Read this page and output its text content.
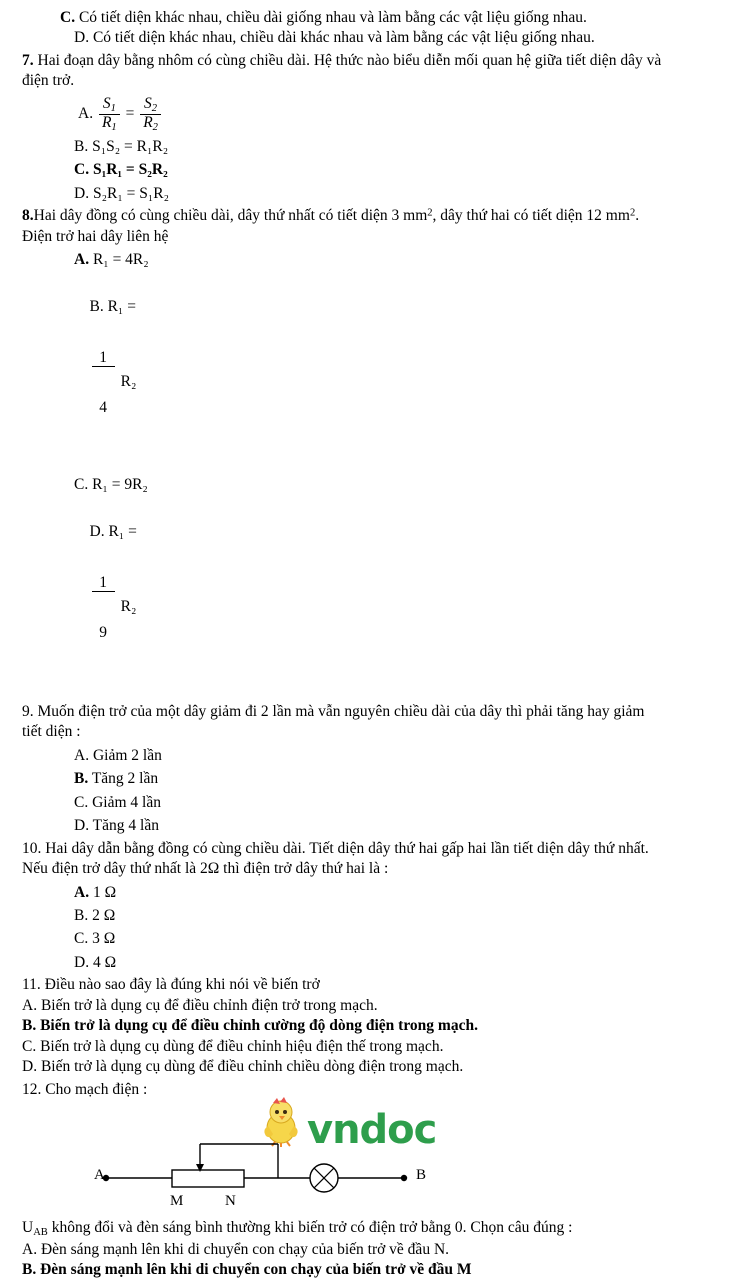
C. Có tiết diện khác nhau, chiều dài giống nhau và làm bằng các vật liệu giống nhau.
D. Có tiết diện khác nhau, chiều dài khác nhau và làm bằng các vật liệu giống nhau.
7. Hai đoạn dây bằng nhôm có cùng chiều dài. Hệ thức nào biểu diễn mối quan hệ giữa tiết diện dây và
điện trở.
A. $\frac{S_1}{R_1} = \frac{S_2}{R_2}$
B. S₁S₂ = R₁R₂
C. S₁R₁ = S₂R₂
D. S₂R₁ = S₁R₂
8.Hai dây đồng có cùng chiều dài, dây thứ nhất có tiết diện 3 $mm^2$, dây thứ hai có tiết diện 12 $mm^2$.
Điện trở hai dây liên hệ
A. R₁ = 4R₂

B. R₁ =

$\frac{1}{4} R_2$

C. R₁ = 9R₂

D. R₁ =

$\frac{1}{9} R_2$

9. Muốn điện trở của một dây giảm đi 2 lần mà vẫn nguyên chiều dài của dây thì phải tăng hay giảm
tiết diện :
A. Giảm 2 lần
B. Tăng 2 lần
C. Giảm 4 lần
D. Tăng 4 lần
10. Hai dây dẫn bằng đồng có cùng chiều dài. Tiết diện dây thứ hai gấp hai lần tiết diện dây thứ nhất.
Nếu điện trở dây thứ nhất là 2Ω thì điện trở dây thứ hai là :
A. 1 Ω
B. 2 Ω
C. 3 Ω
D. 4 Ω
11. Điều nào sao đây là đúng khi nói về biến trở
A. Biến trở là dụng cụ để điều chỉnh điện trở trong mạch.
B. Biến trở là dụng cụ để điều chỉnh cường độ dòng điện trong mạch.
C. Biến trở là dụng cụ dùng để điều chỉnh hiệu điện thế trong mạch.
D. Biến trở là dụng cụ dùng để điều chỉnh chiều dòng điện trong mạch.
12. Cho mạch điện :
vndoc
A	B
M	N
$U_{AB}$ không đổi và đèn sáng bình thường khi biến trở có điện trở bằng 0. Chọn câu đúng :
A. Đèn sáng mạnh lên khi di chuyển con chạy của biến trở về đầu N.
B. Đèn sáng mạnh lên khi di chuyển con chạy của biến trở về đầu M
